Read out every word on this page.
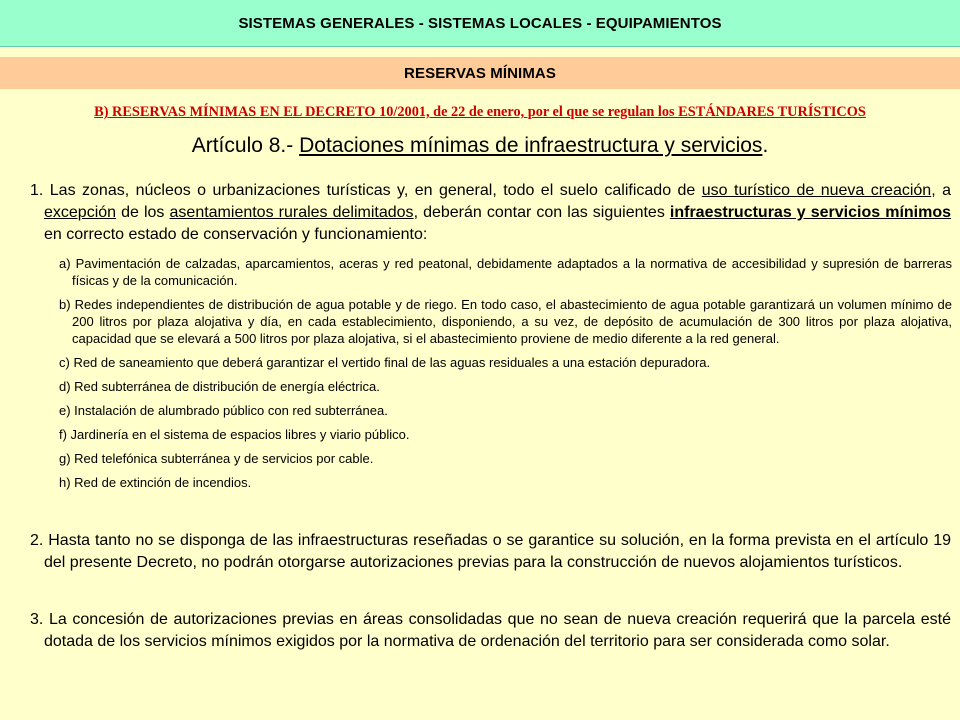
SISTEMAS GENERALES - SISTEMAS LOCALES - EQUIPAMIENTOS
RESERVAS MÍNIMAS
B) RESERVAS MÍNIMAS EN EL DECRETO 10/2001, de 22 de enero, por el que se regulan los ESTÁNDARES TURÍSTICOS
Artículo 8.- Dotaciones mínimas de infraestructura y servicios.
1. Las zonas, núcleos o urbanizaciones turísticas y, en general, todo el suelo calificado de uso turístico de nueva creación, a excepción de los asentamientos rurales delimitados, deberán contar con las siguientes infraestructuras y servicios mínimos en correcto estado de conservación y funcionamiento:
a) Pavimentación de calzadas, aparcamientos, aceras y red peatonal, debidamente adaptados a la normativa de accesibilidad y supresión de barreras físicas y de la comunicación.
b) Redes independientes de distribución de agua potable y de riego. En todo caso, el abastecimiento de agua potable garantizará un volumen mínimo de 200 litros por plaza alojativa y día, en cada establecimiento, disponiendo, a su vez, de depósito de acumulación de 300 litros por plaza alojativa, capacidad que se elevará a 500 litros por plaza alojativa, si el abastecimiento proviene de medio diferente a la red general.
c) Red de saneamiento que deberá garantizar el vertido final de las aguas residuales a una estación depuradora.
d) Red subterránea de distribución de energía eléctrica.
e) Instalación de alumbrado público con red subterránea.
f) Jardinería en el sistema de espacios libres y viario público.
g) Red telefónica subterránea y de servicios por cable.
h) Red de extinción de incendios.
2. Hasta tanto no se disponga de las infraestructuras reseñadas o se garantice su solución, en la forma prevista en el artículo 19 del presente Decreto, no podrán otorgarse autorizaciones previas para la construcción de nuevos alojamientos turísticos.
3. La concesión de autorizaciones previas en áreas consolidadas que no sean de nueva creación requerirá que la parcela esté dotada de los servicios mínimos exigidos por la normativa de ordenación del territorio para ser considerada como solar.
